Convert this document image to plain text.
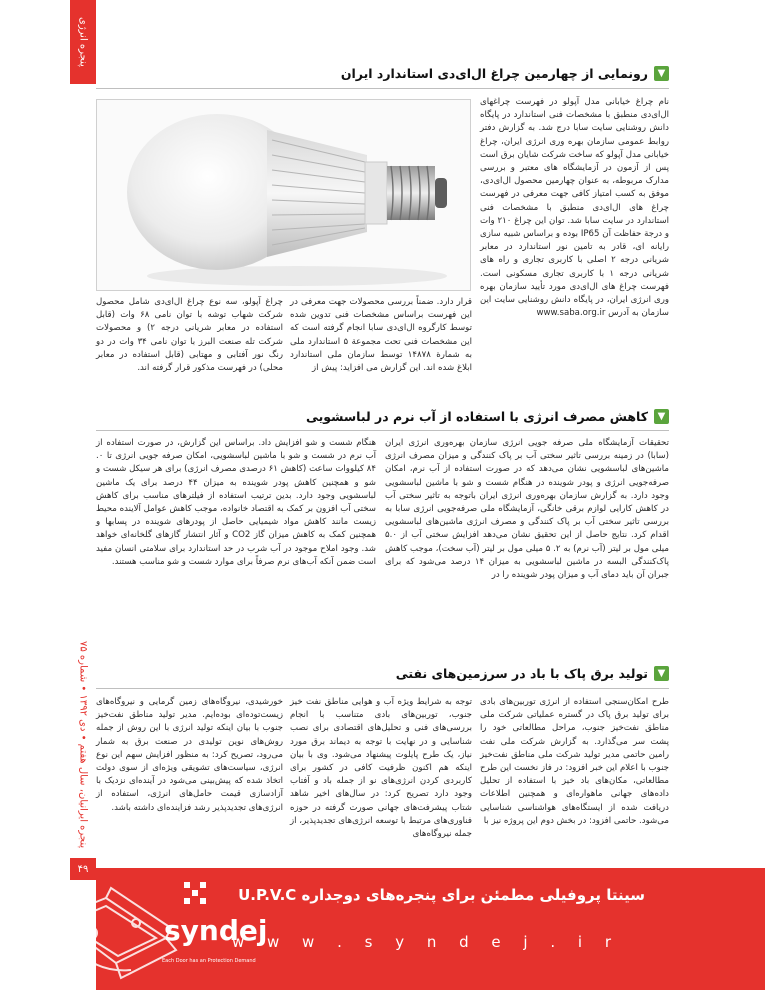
پنجره انرژی
پنجره ایرانیان، سال هفتم • دی ۱۳۹۲ • شماره ۷۵
۴۹
▼
رونمایی از چهارمین چراغ ال‌ای‌دی استاندارد ایران
نام چراغ خیابانی مدل آپولو در فهرست چراغهای ال‌ای‌دی منطبق با مشخصات فنی استاندارد در پایگاه دانش روشنایی سایت سابا درج شد. به گزارش دفتر روابط عمومی سازمان بهره وری انرژی ایران، چراغ خیابانی مدل آپولو که ساخت شرکت شایان برق است پس از آزمون در آزمایشگاه های معتبر و بررسی مدارک مربوطه، به عنوان چهارمین محصول ال‌ای‌دی، موفق به کسب امتیاز کافی جهت معرفی در فهرست چراغ های ال‌ای‌دی منطبق با مشخصات فنی استاندارد در سایت سابا شد. توان این چراغ ۲۱۰ وات و درجة حفاظت آن IP65 بوده و براساس شبیه سازی رایانه ای، قادر به تامین نور استاندارد در معابر شریانی درجه ۲ اصلی با کاربری تجاری و راه های شریانی درجه ۱ با کاربری تجاری مسکونی است. فهرست چراغ های ال‌ای‌دی مورد تأیید سازمان بهره وری انرژی ایران، در پایگاه دانش روشنایی سایت این سازمان به آدرس www.saba.org.ir
قرار دارد. ضمناً بررسی محصولات جهت معرفی در این فهرست براساس مشخصات فنی تدوین شده توسط کارگروه ال‌ای‌دی سابا انجام گرفته است که این مشخصات فنی تحت مجموعة ۵ استاندارد ملی به شمارة ۱۴۸۷۸ توسط سازمان ملی استاندارد ابلاغ شده اند. این گزارش می افزاید: پیش از
چراغ آپولو، سه نوع چراغ ال‌ای‌دی شامل محصول شرکت شهاب توشه با توان نامی ۶۸ وات (قابل استفاده در معابر شریانی درجه ۲) و محصولات شرکت تله صنعت البرز با توان نامی ۳۴ وات در دو رنگ نور آفتابی و مهتابی (قابل استفاده در معابر محلی) در فهرست مذکور قرار گرفته اند.
▼
کاهش مصرف انرژی با استفاده از آب نرم در لباسشویی
تحقیقات آزمایشگاه ملی صرفه جویی انرژی سازمان بهره‌وری انرژی ایران (سابا) در زمینه بررسی تاثیر سختی آب بر پاک کنندگی و میزان مصرف انرژی ماشین‌های لباسشویی نشان می‌دهد که در صورت استفاده از آب نرم، امکان صرفه‌جویی انرژی و پودر شوینده در هنگام شست و شو با ماشین لباسشویی وجود دارد. به گزارش سازمان بهره‌وری انرژی ایران باتوجه به تاثیر سختی آب در کاهش کارایی لوازم برقی خانگی، آزمایشگاه ملی صرفه‌جویی انرژی سابا به بررسی تاثیر سختی آب بر پاک کنندگی و مصرف انرژی ماشین‌های لباسشویی اقدام کرد. نتایج حاصل از این تحقیق نشان می‌دهد افزایش سختی آب از ۵.۰ میلی مول بر لیتر (آب نرم) به ۲. ۵ میلی مول بر لیتر (آب سخت)، موجب کاهش پاک‌کنندگی البسه در ماشین لباسشویی به میزان ۱۴ درصد می‌شود که برای جبران آن باید دمای آب و میزان پودر شوینده را در
هنگام شست و شو افزایش داد. براساس این گزارش، در صورت استفاده از آب نرم در شست و شو با ماشین لباسشویی، امکان صرفه جویی انرژی تا ۰. ۸۴ کیلووات ساعت (کاهش ۶۱ درصدی مصرف انرژی) برای هر سیکل شست و شو و همچنین کاهش پودر شوینده به میزان ۴۴ درصد برای یک ماشین لباسشویی وجود دارد. بدین ترتیب استفاده از فیلترهای مناسب برای کاهش سختی آب افزون بر کمک به اقتصاد خانواده، موجب کاهش عوامل آلاینده محیط زیست مانند کاهش مواد شیمیایی حاصل از پودرهای شوینده در پسابها و همچنین کمک به کاهش میزان گاز CO2 و آثار انتشار گازهای گلخانه‌ای خواهد شد. وجود املاح موجود در آب شرب در حد استاندارد برای سلامتی انسان مفید است ضمن آنکه آب‌های نرم صرفاً برای موارد شست و شو مناسب هستند.
▼
تولید برق پاک با باد در سرزمین‌های نفتی
طرح امکان‌سنجی استفاده از انرژی توربین‌های بادی برای تولید برق پاک در گستره عملیاتی شرکت ملی مناطق نفت‌خیز جنوب، مراحل مطالعاتی خود را پشت سر می‌گذارد. به گزارش شرکت ملی نفت رامین حاتمی مدیر تولید شرکت ملی مناطق نفت‌خیز جنوب با اعلام این خبر افزود: در فاز نخست این طرح مطالعاتی، مکان‌های باد خیز با استفاده از تحلیل داده‌های جهانی ماهواره‌ای و همچنین اطلاعات دریافت شده از ایستگاه‌های هواشناسی شناسایی می‌شود. حاتمی افزود: در بخش دوم این پروژه نیز با
توجه به شرایط ویژه آب و هوایی مناطق نفت خیز جنوب، توربین‌های بادی متناسب با انجام بررسی‌های فنی و تحلیل‌های اقتصادی برای نصب شناسایی و در نهایت با توجه به دیماند برق مورد نیاز، یک طرح پایلوت پیشنهاد می‌شود. وی با بیان اینکه هم اکنون ظرفیت کافی در کشور برای کاربردی کردن انرژی‌های نو از جمله باد و آفتاب وجود دارد تصریح کرد: در سال‌های اخیر شاهد شتاب پیشرفت‌های جهانی صورت گرفته در حوزه فناوری‌های مرتبط با توسعه انرژی‌های تجدیدپذیر، از جمله نیروگاه‌های
خورشیدی، نیروگاه‌های زمین گرمایی و نیروگاه‌های زیست‌توده‌ای بوده‌ایم. مدیر تولید مناطق نفت‌خیز جنوب با بیان اینکه تولید انرژی با این روش از جمله روش‌های نوین تولیدی در صنعت برق به شمار می‌رود، تصریح کرد: به منظور افزایش سهم این نوع انرژی، سیاست‌های تشویقی ویژه‌ای از سوی دولت اتخاذ شده که پیش‌بینی می‌شود در آینده‌ای نزدیک با آزادسازی قیمت حامل‌های انرژی، استفاده از انرژی‌های تجدیدپذیر رشد فزاینده‌ای داشته باشد.
سینتا پروفیلی مطمئن برای پنجره‌های دوجداره U.P.V.C
w w w . s y n d e j . i r
syndej
Each Door has an Protection Demand
